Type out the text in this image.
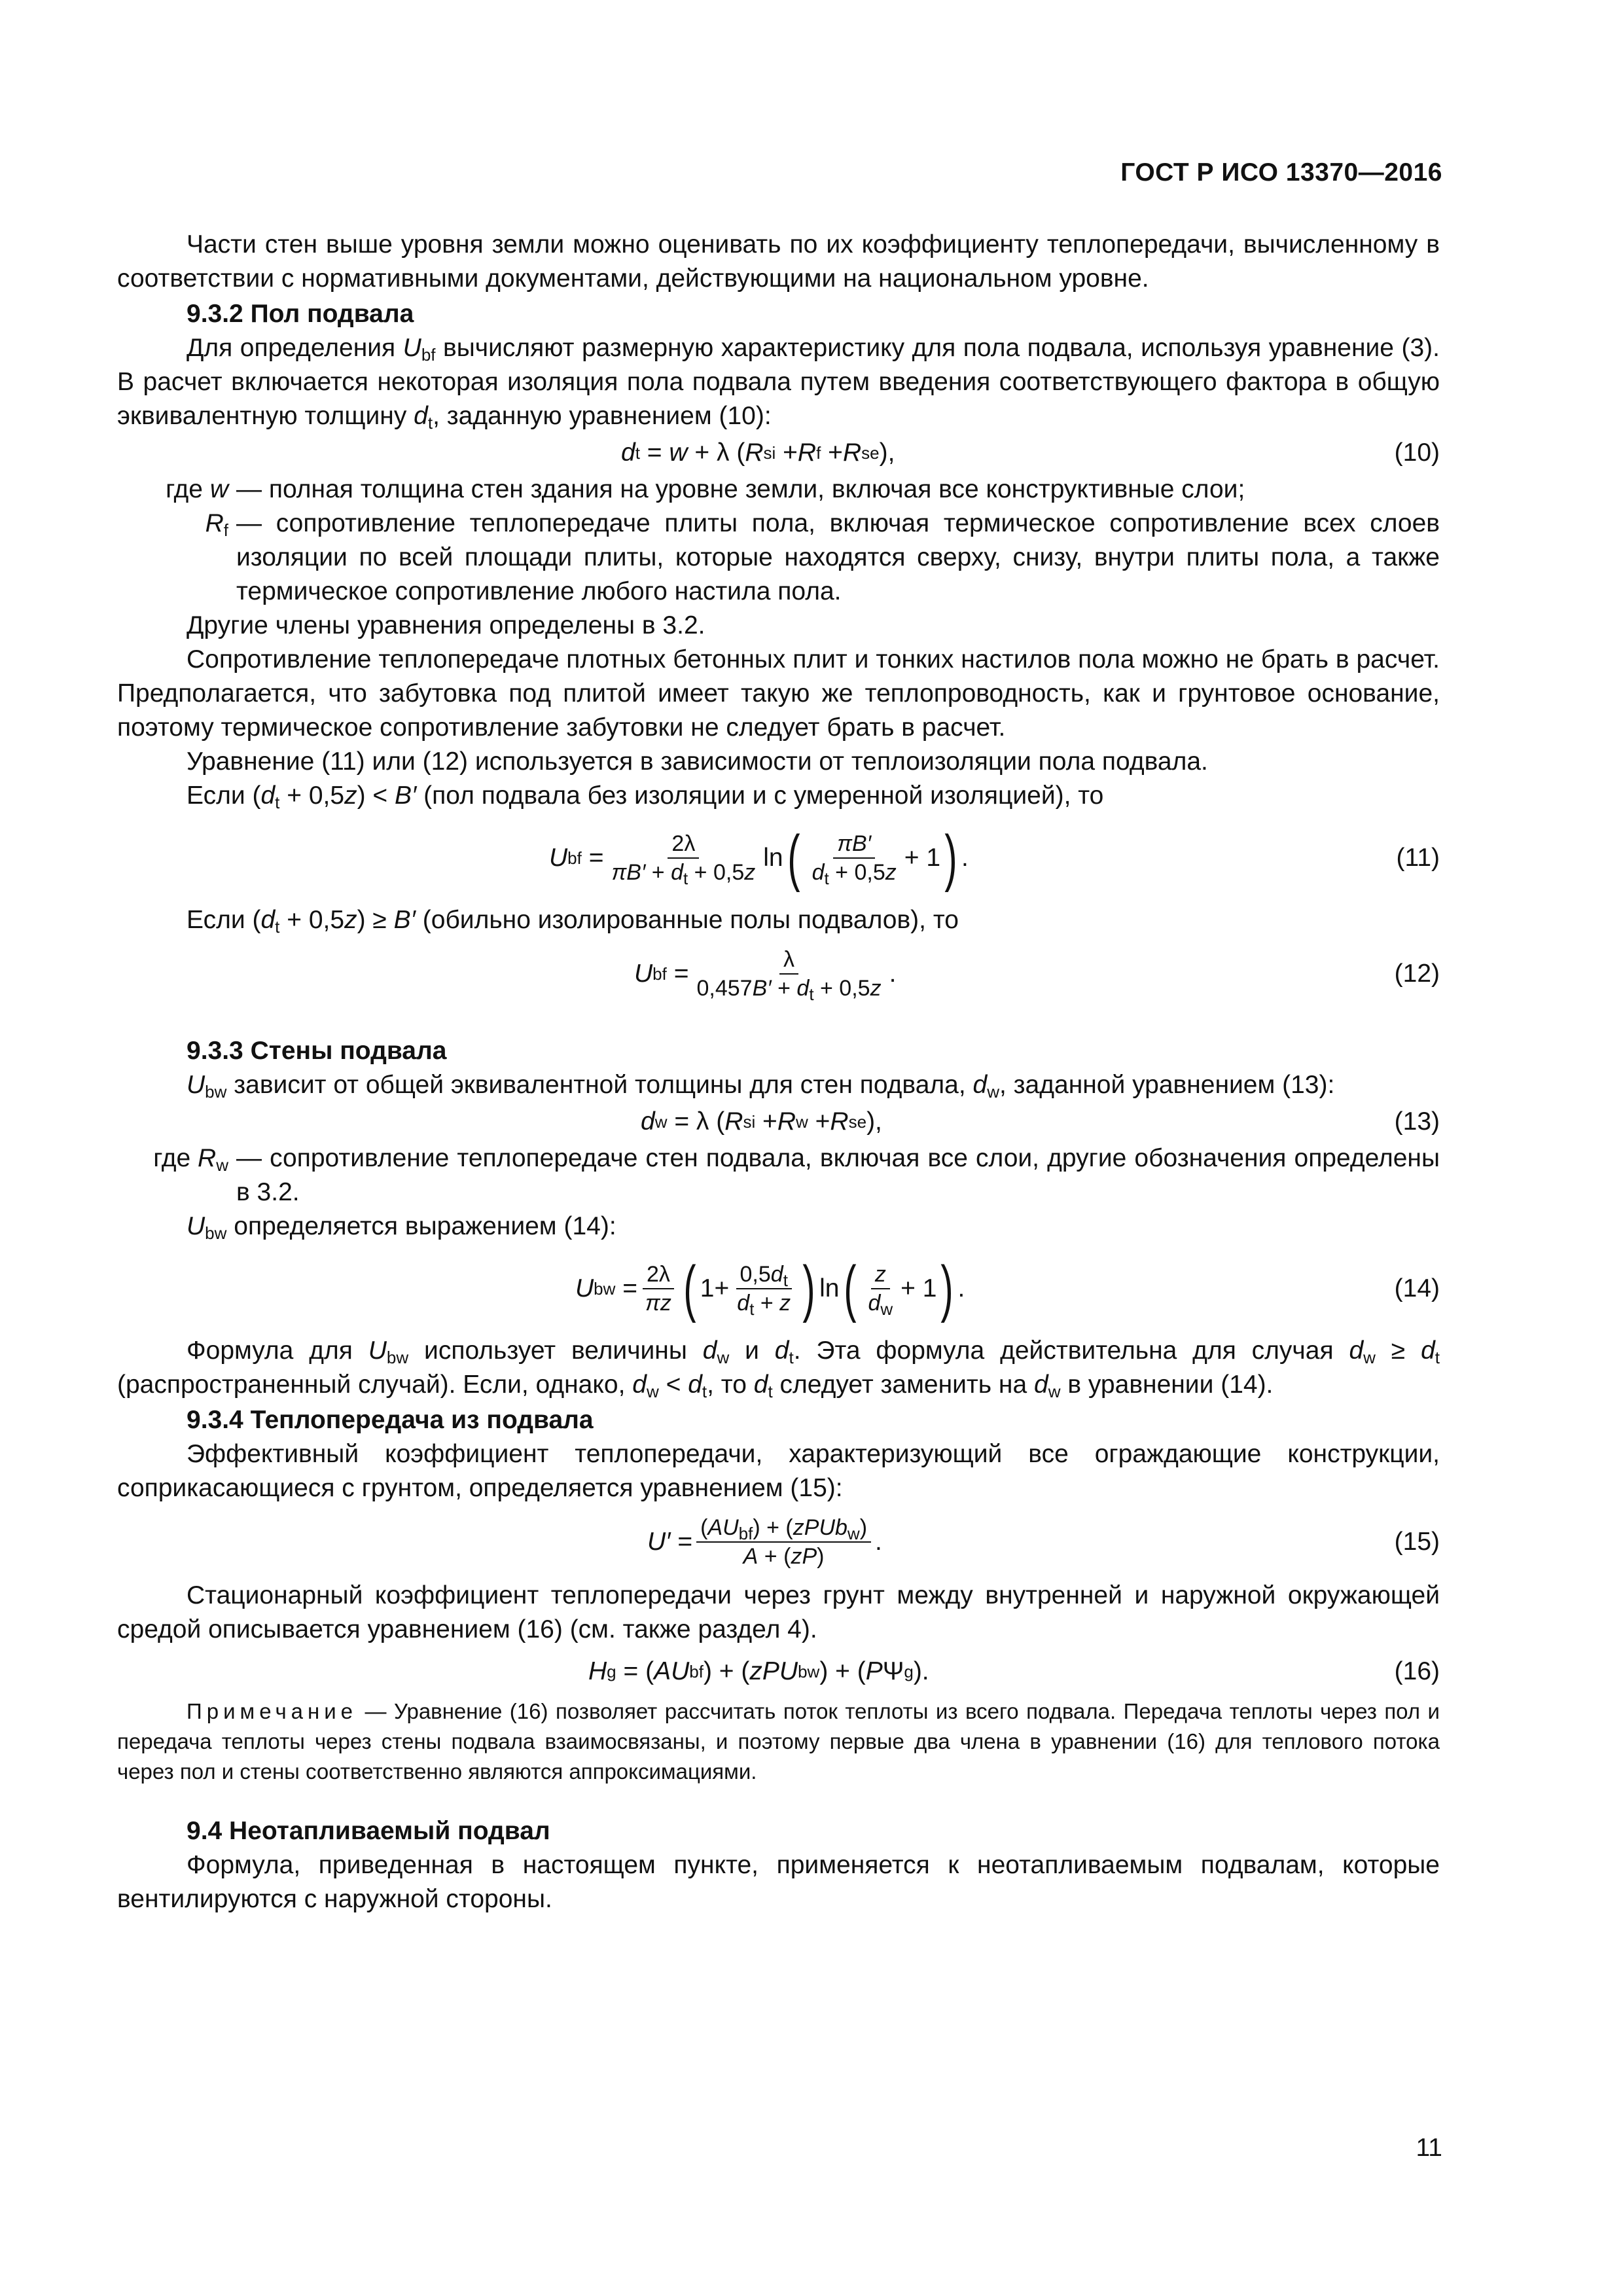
ГОСТ Р ИСО 13370—2016

Части стен выше уровня земли можно оценивать по их коэффициенту теплопередачи, вычисленному в соответствии с нормативными документами, действующими на национальном уровне.

9.3.2 Пол подвала

Для определения $U_{bf}$ вычисляют размерную характеристику для пола подвала, используя уравнение (3). В расчет включается некоторая изоляция пола подвала путем введения соответствующего фактора в общую эквивалентную толщину $d_t$, заданную уравнением (10):

d t = w + λ ( R si + R f + R se ),	(10)
где w — полная толщина стен здания на уровне земли, включая все конструктивные слои;
$R_f$ — сопротивление теплопередаче плиты пола, включая термическое сопротивление всех слоев изоляции по всей площади плиты, которые находятся сверху, снизу, внутри плиты пола, а также термическое сопротивление любого настила пола.

Другие члены уравнения определены в 3.2.

Сопротивление теплопередаче плотных бетонных плит и тонких настилов пола можно не брать в расчет. Предполагается, что забутовка под плитой имеет такую же теплопроводность, как и грунтовое основание, поэтому термическое сопротивление забутовки не следует брать в расчет.

Уравнение (11) или (12) используется в зависимости от теплоизоляции пола подвала.

Если $(d_t + 0,5z) < B'$ (пол подвала без изоляции и с умеренной изоляцией), то

U bf = $\frac{2\lambda}{\pi B' + d_t + 0,5z}$ ln ( $\frac{\pi B'}{d_t + 0,5z} + 1$ ) .	(11)

Если $(d_t + 0,5z) \ge B'$ (обильно изолированные полы подвалов), то

U bf = $\frac{\lambda}{0,457B' + d_t + 0,5z}$ .	(12)

9.3.3 Стены подвала

$U_{bw}$ зависит от общей эквивалентной толщины для стен подвала, $d_w$, заданной уравнением (13):

d w = λ ( R si + R w + R se ),	(13)
где $R_w$ — сопротивление теплопередаче стен подвала, включая все слои, другие обозначения определены в 3.2.

$U_{bw}$ определяется выражением (14):

U bw = $\frac{2\lambda}{\pi z}$ ( $1+ \frac{0,5d_t}{d_t + z}$ ) ln ( $\frac{z}{d_w} + 1$ ) .	(14)

Формула для $U_{bw}$ использует величины $d_w$ и $d_t$. Эта формула действительна для случая $d_w \ge d_t$ (распространенный случай). Если, однако, $d_w < d_t$, то $d_t$ следует заменить на $d_w$ в уравнении (14).

9.3.4 Теплопередача из подвала

Эффективный коэффициент теплопередачи, характеризующий все ограждающие конструкции, соприкасающиеся с грунтом, определяется уравнением (15):

$U' = \frac{(AU_{bf}) + (zPUb_w)}{A + (zP)}$ .	(15)

Стационарный коэффициент теплопередачи через грунт между внутренней и наружной окружающей средой описывается уравнением (16) (см. также раздел 4).

H g = ( AU bf ) + ( zPU bw ) + ( P Ψ g ).	(16)

Примечание — Уравнение (16) позволяет рассчитать поток теплоты из всего подвала. Передача теплоты через пол и передача теплоты через стены подвала взаимосвязаны, и поэтому первые два члена в уравнении (16) для теплового потока через пол и стены соответственно являются аппроксимациями.

9.4 Неотапливаемый подвал

Формула, приведенная в настоящем пункте, применяется к неотапливаемым подвалам, которые вентилируются с наружной стороны.

11
